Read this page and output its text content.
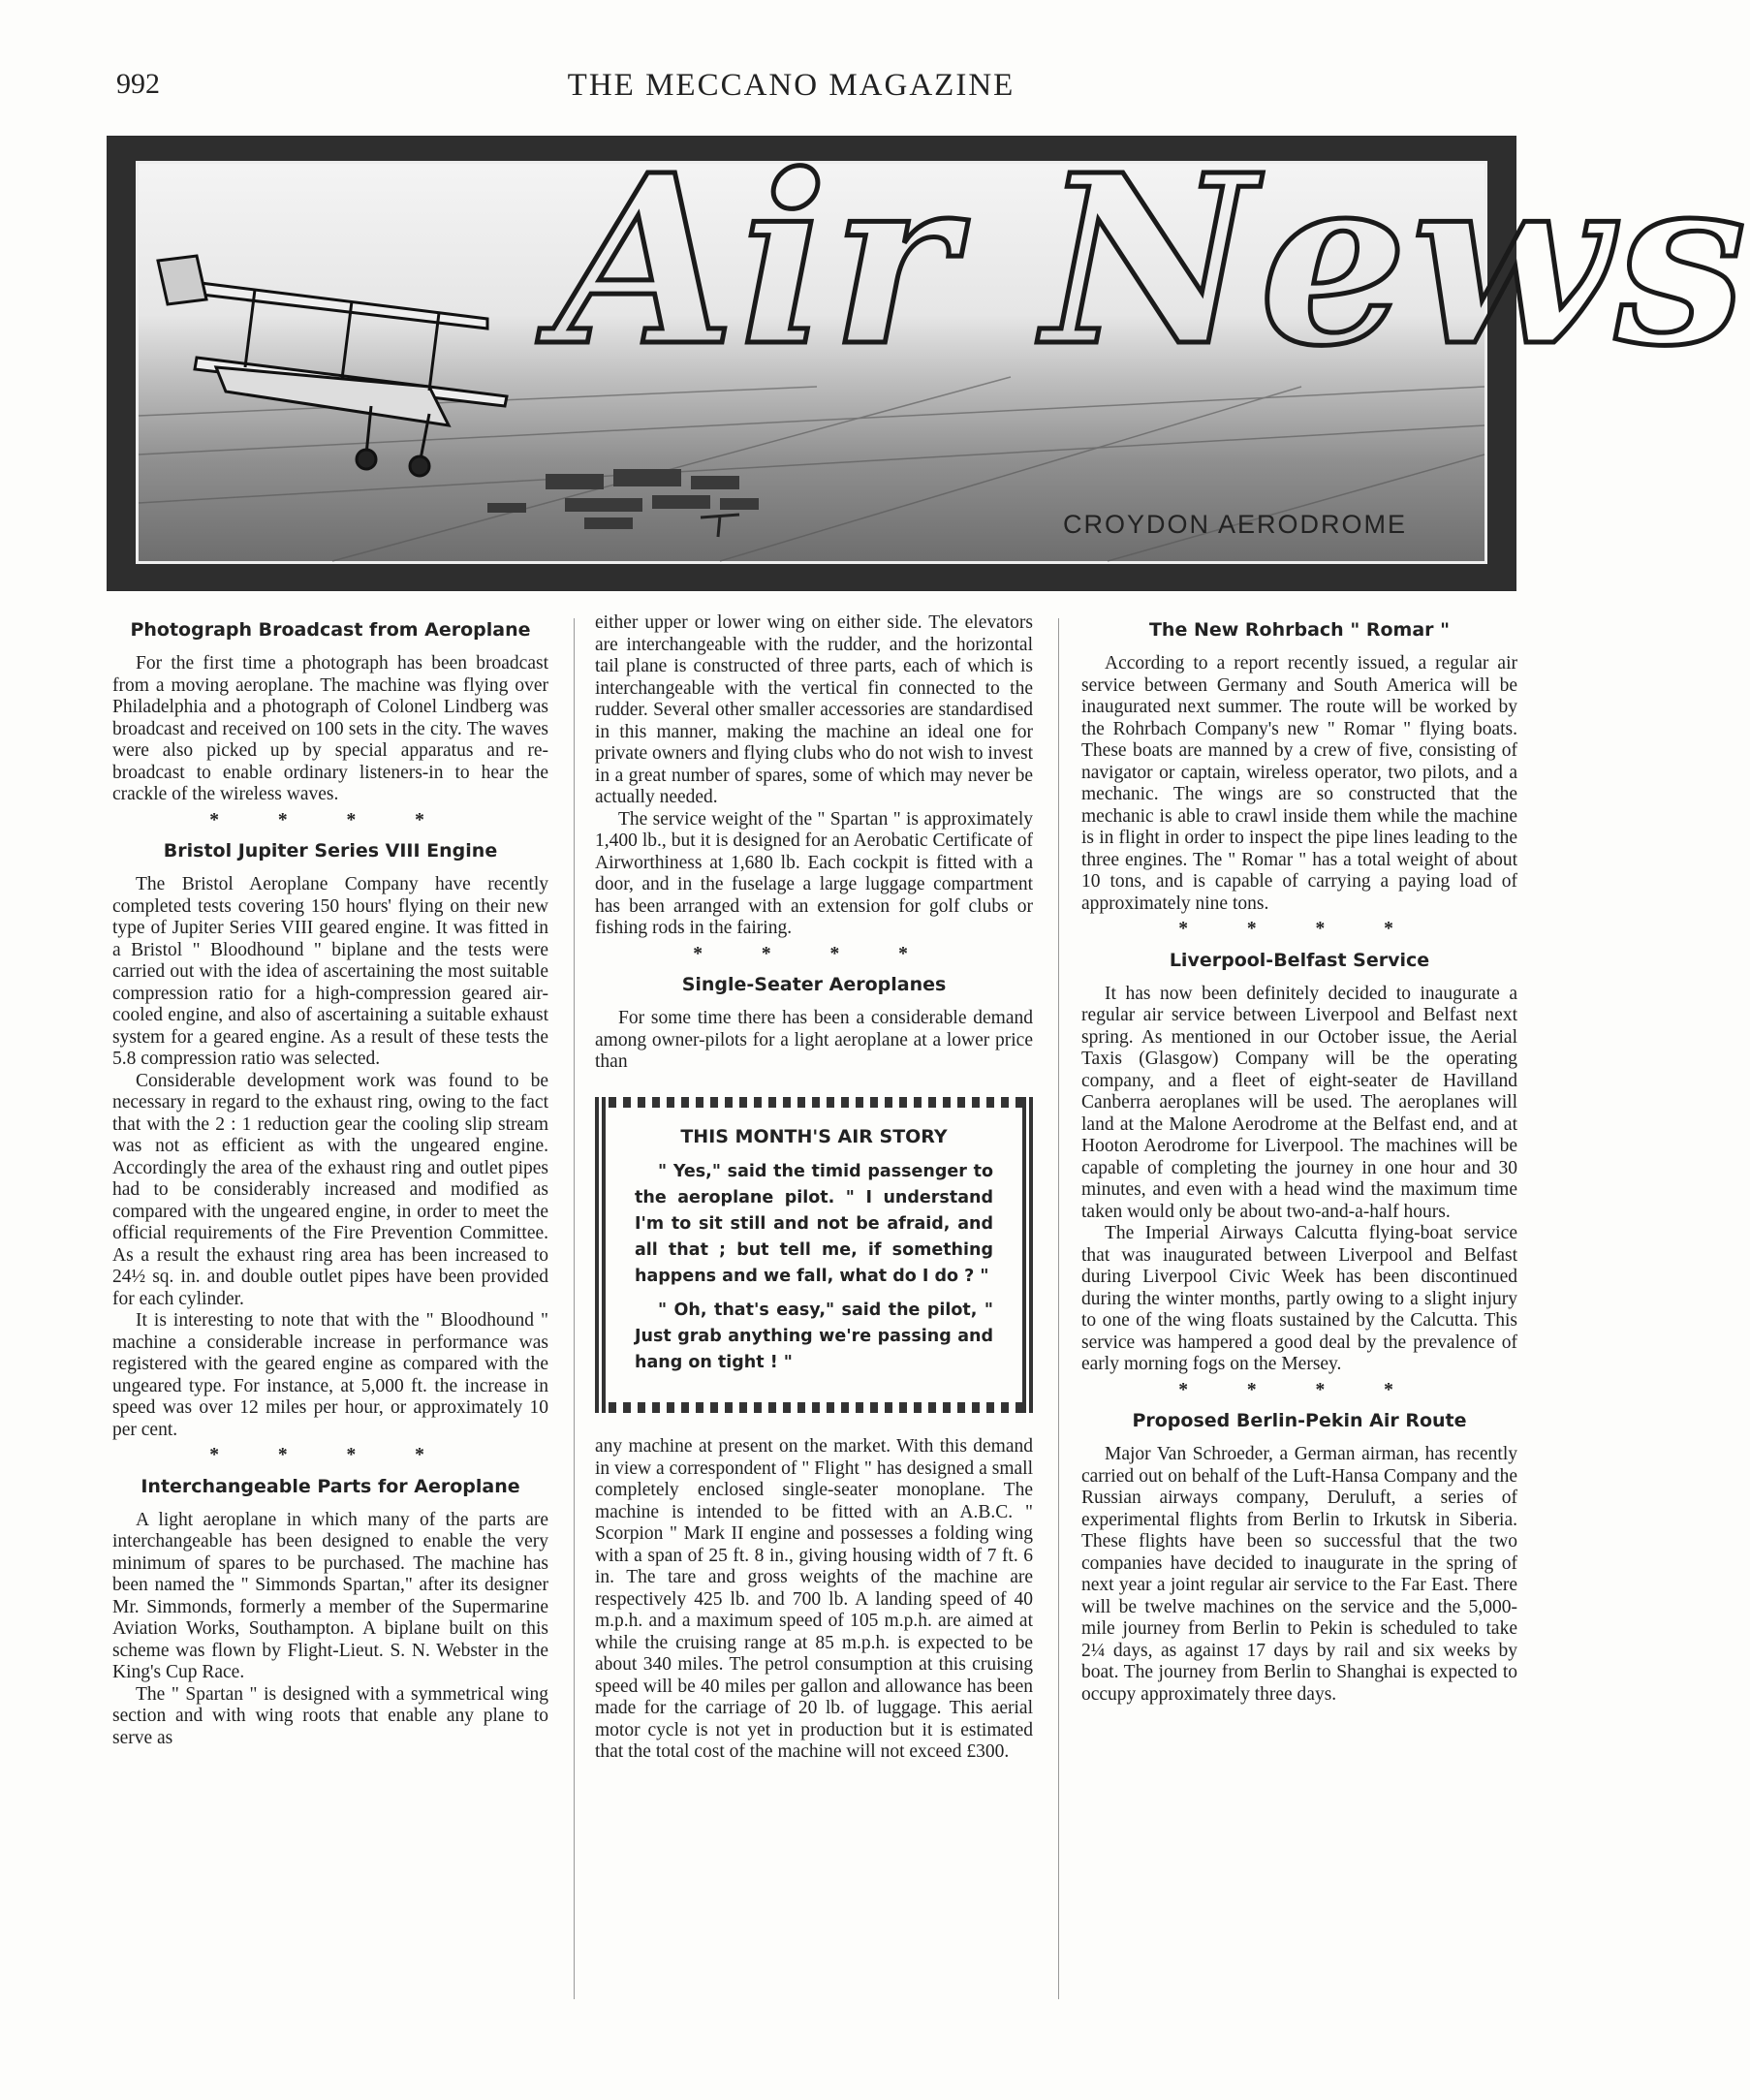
992	THE MECCANO MAGAZINE
Air News
CROYDON AERODROME
Photograph Broadcast from Aeroplane

For the first time a photograph has been broadcast from a moving aeroplane. The machine was flying over Philadelphia and a photograph of Colonel Lindberg was broadcast and received on 100 sets in the city. The waves were also picked up by special apparatus and re-broadcast to enable ordinary listeners-in to hear the crackle of the wireless waves.

* * * *
Bristol Jupiter Series VIII Engine

The Bristol Aeroplane Company have recently completed tests covering 150 hours' flying on their new type of Jupiter Series VIII geared engine. It was fitted in a Bristol " Bloodhound " biplane and the tests were carried out with the idea of ascertaining the most suitable compression ratio for a high-compression geared air-cooled engine, and also of ascertaining a suitable exhaust system for a geared engine. As a result of these tests the 5.8 compression ratio was selected.

Considerable development work was found to be necessary in regard to the exhaust ring, owing to the fact that with the 2 : 1 reduction gear the cooling slip stream was not as efficient as with the ungeared engine. Accordingly the area of the exhaust ring and outlet pipes had to be considerably increased and modified as compared with the ungeared engine, in order to meet the official requirements of the Fire Prevention Committee. As a result the exhaust ring area has been increased to 24½ sq. in. and double outlet pipes have been provided for each cylinder.

It is interesting to note that with the " Bloodhound " machine a considerable increase in performance was registered with the geared engine as compared with the ungeared type. For instance, at 5,000 ft. the increase in speed was over 12 miles per hour, or approximately 10 per cent.

* * * *
Interchangeable Parts for Aeroplane

A light aeroplane in which many of the parts are interchangeable has been designed to enable the very minimum of spares to be purchased. The machine has been named the " Simmonds Spartan," after its designer Mr. Simmonds, formerly a member of the Supermarine Aviation Works, Southampton. A biplane built on this scheme was flown by Flight-Lieut. S. N. Webster in the King's Cup Race.

The " Spartan " is designed with a symmetrical wing section and with wing roots that enable any plane to serve as

either upper or lower wing on either side. The elevators are interchangeable with the rudder, and the horizontal tail plane is constructed of three parts, each of which is interchangeable with the vertical fin connected to the rudder. Several other smaller accessories are standardised in this manner, making the machine an ideal one for private owners and flying clubs who do not wish to invest in a great number of spares, some of which may never be actually needed.

The service weight of the " Spartan " is approximately 1,400 lb., but it is designed for an Aerobatic Certificate of Airworthiness at 1,680 lb. Each cockpit is fitted with a door, and in the fuselage a large luggage compartment has been arranged with an extension for golf clubs or fishing rods in the fairing.

* * * *
Single-Seater Aeroplanes

For some time there has been a considerable demand among owner-pilots for a light aeroplane at a lower price than

THIS MONTH'S AIR STORY

" Yes," said the timid passenger to the aeroplane pilot. " I understand I'm to sit still and not be afraid, and all that ; but tell me, if something happens and we fall, what do I do ? "

" Oh, that's easy," said the pilot, " Just grab anything we're passing and hang on tight ! "

any machine at present on the market. With this demand in view a correspondent of " Flight " has designed a small completely enclosed single-seater monoplane. The machine is intended to be fitted with an A.B.C. " Scorpion " Mark II engine and possesses a folding wing with a span of 25 ft. 8 in., giving housing width of 7 ft. 6 in. The tare and gross weights of the machine are respectively 425 lb. and 700 lb. A landing speed of 40 m.p.h. and a maximum speed of 105 m.p.h. are aimed at while the cruising range at 85 m.p.h. is expected to be about 340 miles. The petrol consumption at this cruising speed will be 40 miles per gallon and allowance has been made for the carriage of 20 lb. of luggage. This aerial motor cycle is not yet in production but it is estimated that the total cost of the machine will not exceed £300.

The New Rohrbach " Romar "

According to a report recently issued, a regular air service between Germany and South America will be inaugurated next summer. The route will be worked by the Rohrbach Company's new " Romar " flying boats. These boats are manned by a crew of five, consisting of navigator or captain, wireless operator, two pilots, and a mechanic. The wings are so constructed that the mechanic is able to crawl inside them while the machine is in flight in order to inspect the pipe lines leading to the three engines. The " Romar " has a total weight of about 10 tons, and is capable of carrying a paying load of approximately nine tons.

* * * *
Liverpool-Belfast Service

It has now been definitely decided to inaugurate a regular air service between Liverpool and Belfast next spring. As mentioned in our October issue, the Aerial Taxis (Glasgow) Company will be the operating company, and a fleet of eight-seater de Havilland Canberra aeroplanes will be used. The aeroplanes will land at the Malone Aerodrome at the Belfast end, and at Hooton Aerodrome for Liverpool. The machines will be capable of completing the journey in one hour and 30 minutes, and even with a head wind the maximum time taken would only be about two-and-a-half hours.

The Imperial Airways Calcutta flying-boat service that was inaugurated between Liverpool and Belfast during Liverpool Civic Week has been discontinued during the winter months, partly owing to a slight injury to one of the wing floats sustained by the Calcutta. This service was hampered a good deal by the prevalence of early morning fogs on the Mersey.

* * * *
Proposed Berlin-Pekin Air Route

Major Van Schroeder, a German airman, has recently carried out on behalf of the Luft-Hansa Company and the Russian airways company, Deruluft, a series of experimental flights from Berlin to Irkutsk in Siberia. These flights have been so successful that the two companies have decided to inaugurate in the spring of next year a joint regular air service to the Far East. There will be twelve machines on the service and the 5,000-mile journey from Berlin to Pekin is scheduled to take 2¼ days, as against 17 days by rail and six weeks by boat. The journey from Berlin to Shanghai is expected to occupy approximately three days.
